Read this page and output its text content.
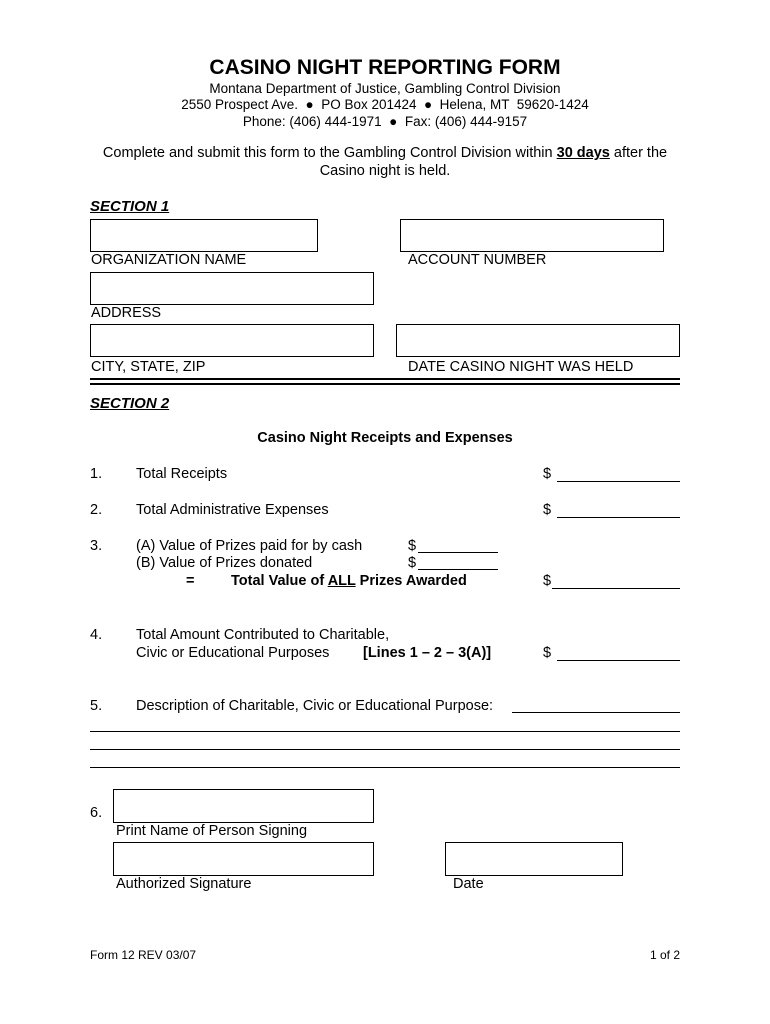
CASINO NIGHT REPORTING FORM
Montana Department of Justice, Gambling Control Division
2550 Prospect Ave.  ●  PO Box 201424  ●  Helena, MT  59620-1424
Phone: (406) 444-1971  ●  Fax: (406) 444-9157
Complete and submit this form to the Gambling Control Division within 30 days after the Casino night is held.
SECTION 1
ORGANIZATION NAME	ACCOUNT NUMBER
ADDRESS
CITY, STATE, ZIP	DATE CASINO NIGHT WAS HELD
SECTION 2
Casino Night Receipts and Expenses
1. Total Receipts	$
2. Total Administrative Expenses	$
3. (A) Value of Prizes paid for by cash	$
(B) Value of Prizes donated	$
=	Total Value of ALL Prizes Awarded	$
4. Total Amount Contributed to Charitable,
Civic or Educational Purposes [Lines 1 – 2 – 3(A)]	$
5. Description of Charitable, Civic or Educational Purpose:
6.
Print Name of Person Signing
Authorized Signature	Date
Form 12 REV 03/07	1 of 2
